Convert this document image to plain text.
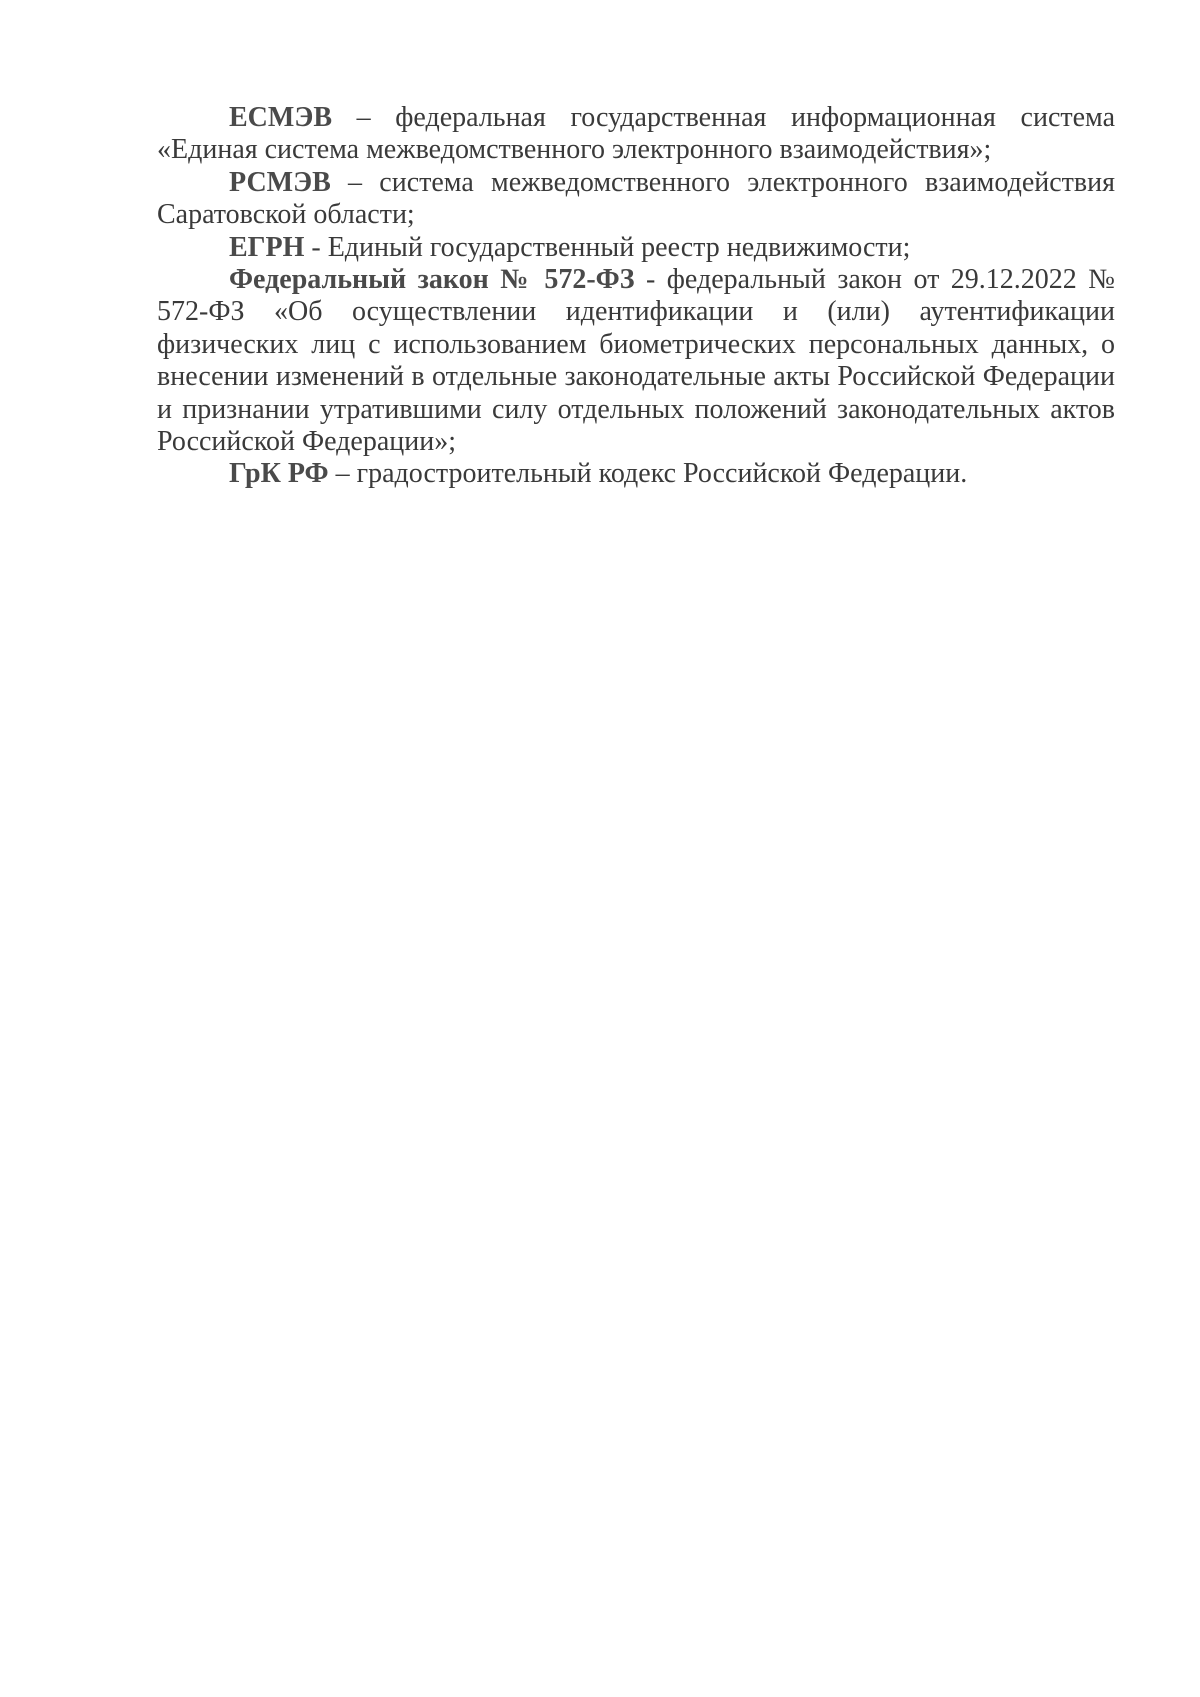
ЕСМЭВ – федеральная государственная информационная система «Единая система межведомственного электронного взаимодействия»;

РСМЭВ – система межведомственного электронного взаимодействия Саратовской области;

ЕГРН - Единый государственный реестр недвижимости;

Федеральный закон № 572-ФЗ - федеральный закон от 29.12.2022 № 572-ФЗ «Об осуществлении идентификации и (или) аутентификации физических лиц с использованием биометрических персональных данных, о внесении изменений в отдельные законодательные акты Российской Федерации и признании утратившими силу отдельных положений законодательных актов Российской Федерации»;

ГрК РФ – градостроительный кодекс Российской Федерации.
